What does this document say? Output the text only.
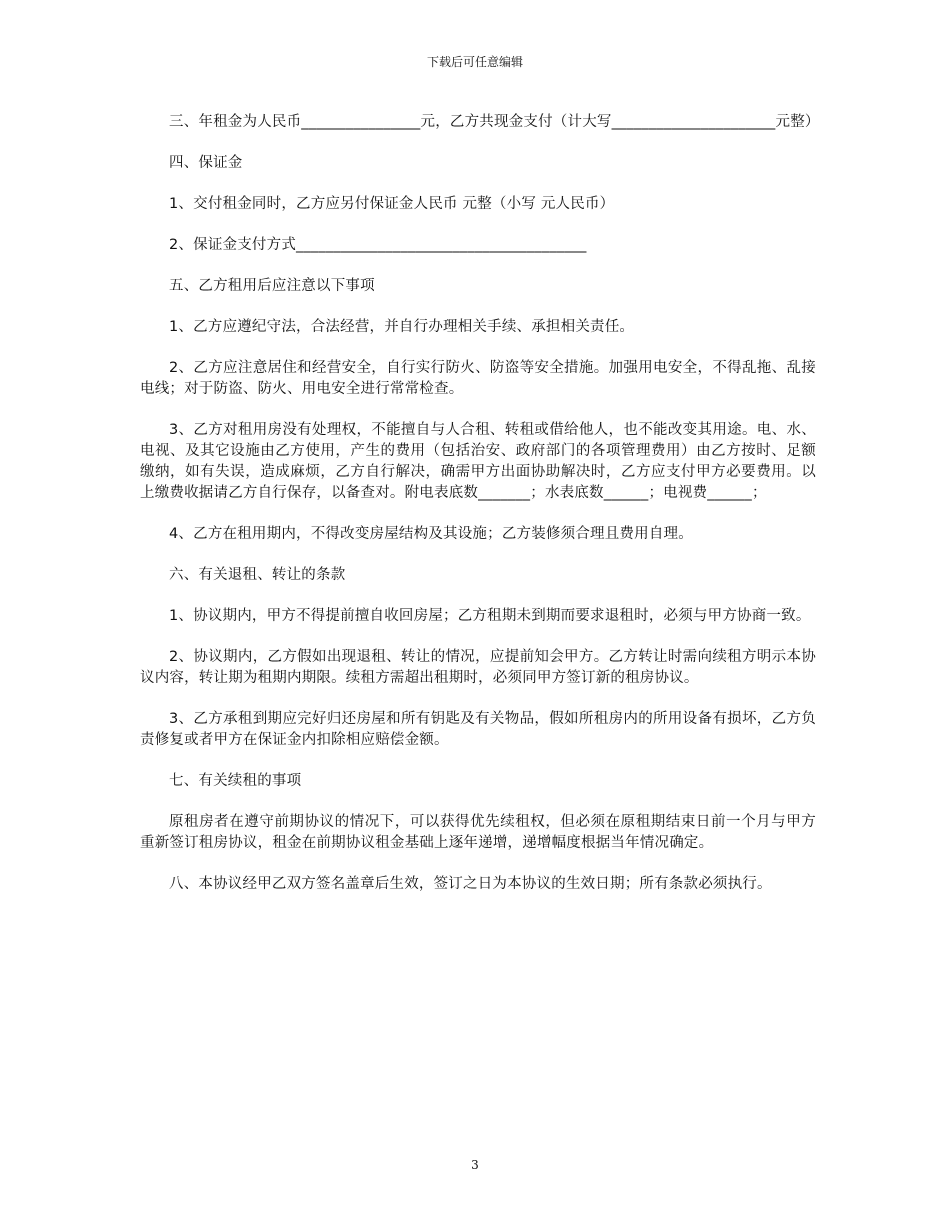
下载后可任意编辑

三、年租金为人民币________________元，乙方共现金支付（计大写______________________元整）

四、保证金

1、交付租金同时，乙方应另付保证金人民币 元整（小写 元人民币）

2、保证金支付方式_______________________________________

五、乙方租用后应注意以下事项

1、乙方应遵纪守法，合法经营，并自行办理相关手续、承担相关责任。

2、乙方应注意居住和经营安全，自行实行防火、防盗等安全措施。加强用电安全，不得乱拖、乱接电线；对于防盗、防火、用电安全进行常常检查。

3、乙方对租用房没有处理权，不能擅自与人合租、转租或借给他人，也不能改变其用途。电、水、电视、及其它设施由乙方使用，产生的费用（包括治安、政府部门的各项管理费用）由乙方按时、足额缴纳，如有失误，造成麻烦，乙方自行解决，确需甲方出面协助解决时，乙方应支付甲方必要费用。以上缴费收据请乙方自行保存，以备查对。附电表底数_______；水表底数______；电视费______；

4、乙方在租用期内，不得改变房屋结构及其设施；乙方装修须合理且费用自理。

六、有关退租、转让的条款

1、协议期内，甲方不得提前擅自收回房屋；乙方租期未到期而要求退租时，必须与甲方协商一致。

2、协议期内，乙方假如出现退租、转让的情况，应提前知会甲方。乙方转让时需向续租方明示本协议内容，转让期为租期内期限。续租方需超出租期时，必须同甲方签订新的租房协议。

3、乙方承租到期应完好归还房屋和所有钥匙及有关物品，假如所租房内的所用设备有损坏，乙方负责修复或者甲方在保证金内扣除相应赔偿金额。

七、有关续租的事项

原租房者在遵守前期协议的情况下，可以获得优先续租权，但必须在原租期结束日前一个月与甲方 重新签订租房协议，租金在前期协议租金基础上逐年递增，递增幅度根据当年情况确定。

八、本协议经甲乙双方签名盖章后生效，签订之日为本协议的生效日期；所有条款必须执行。

3
